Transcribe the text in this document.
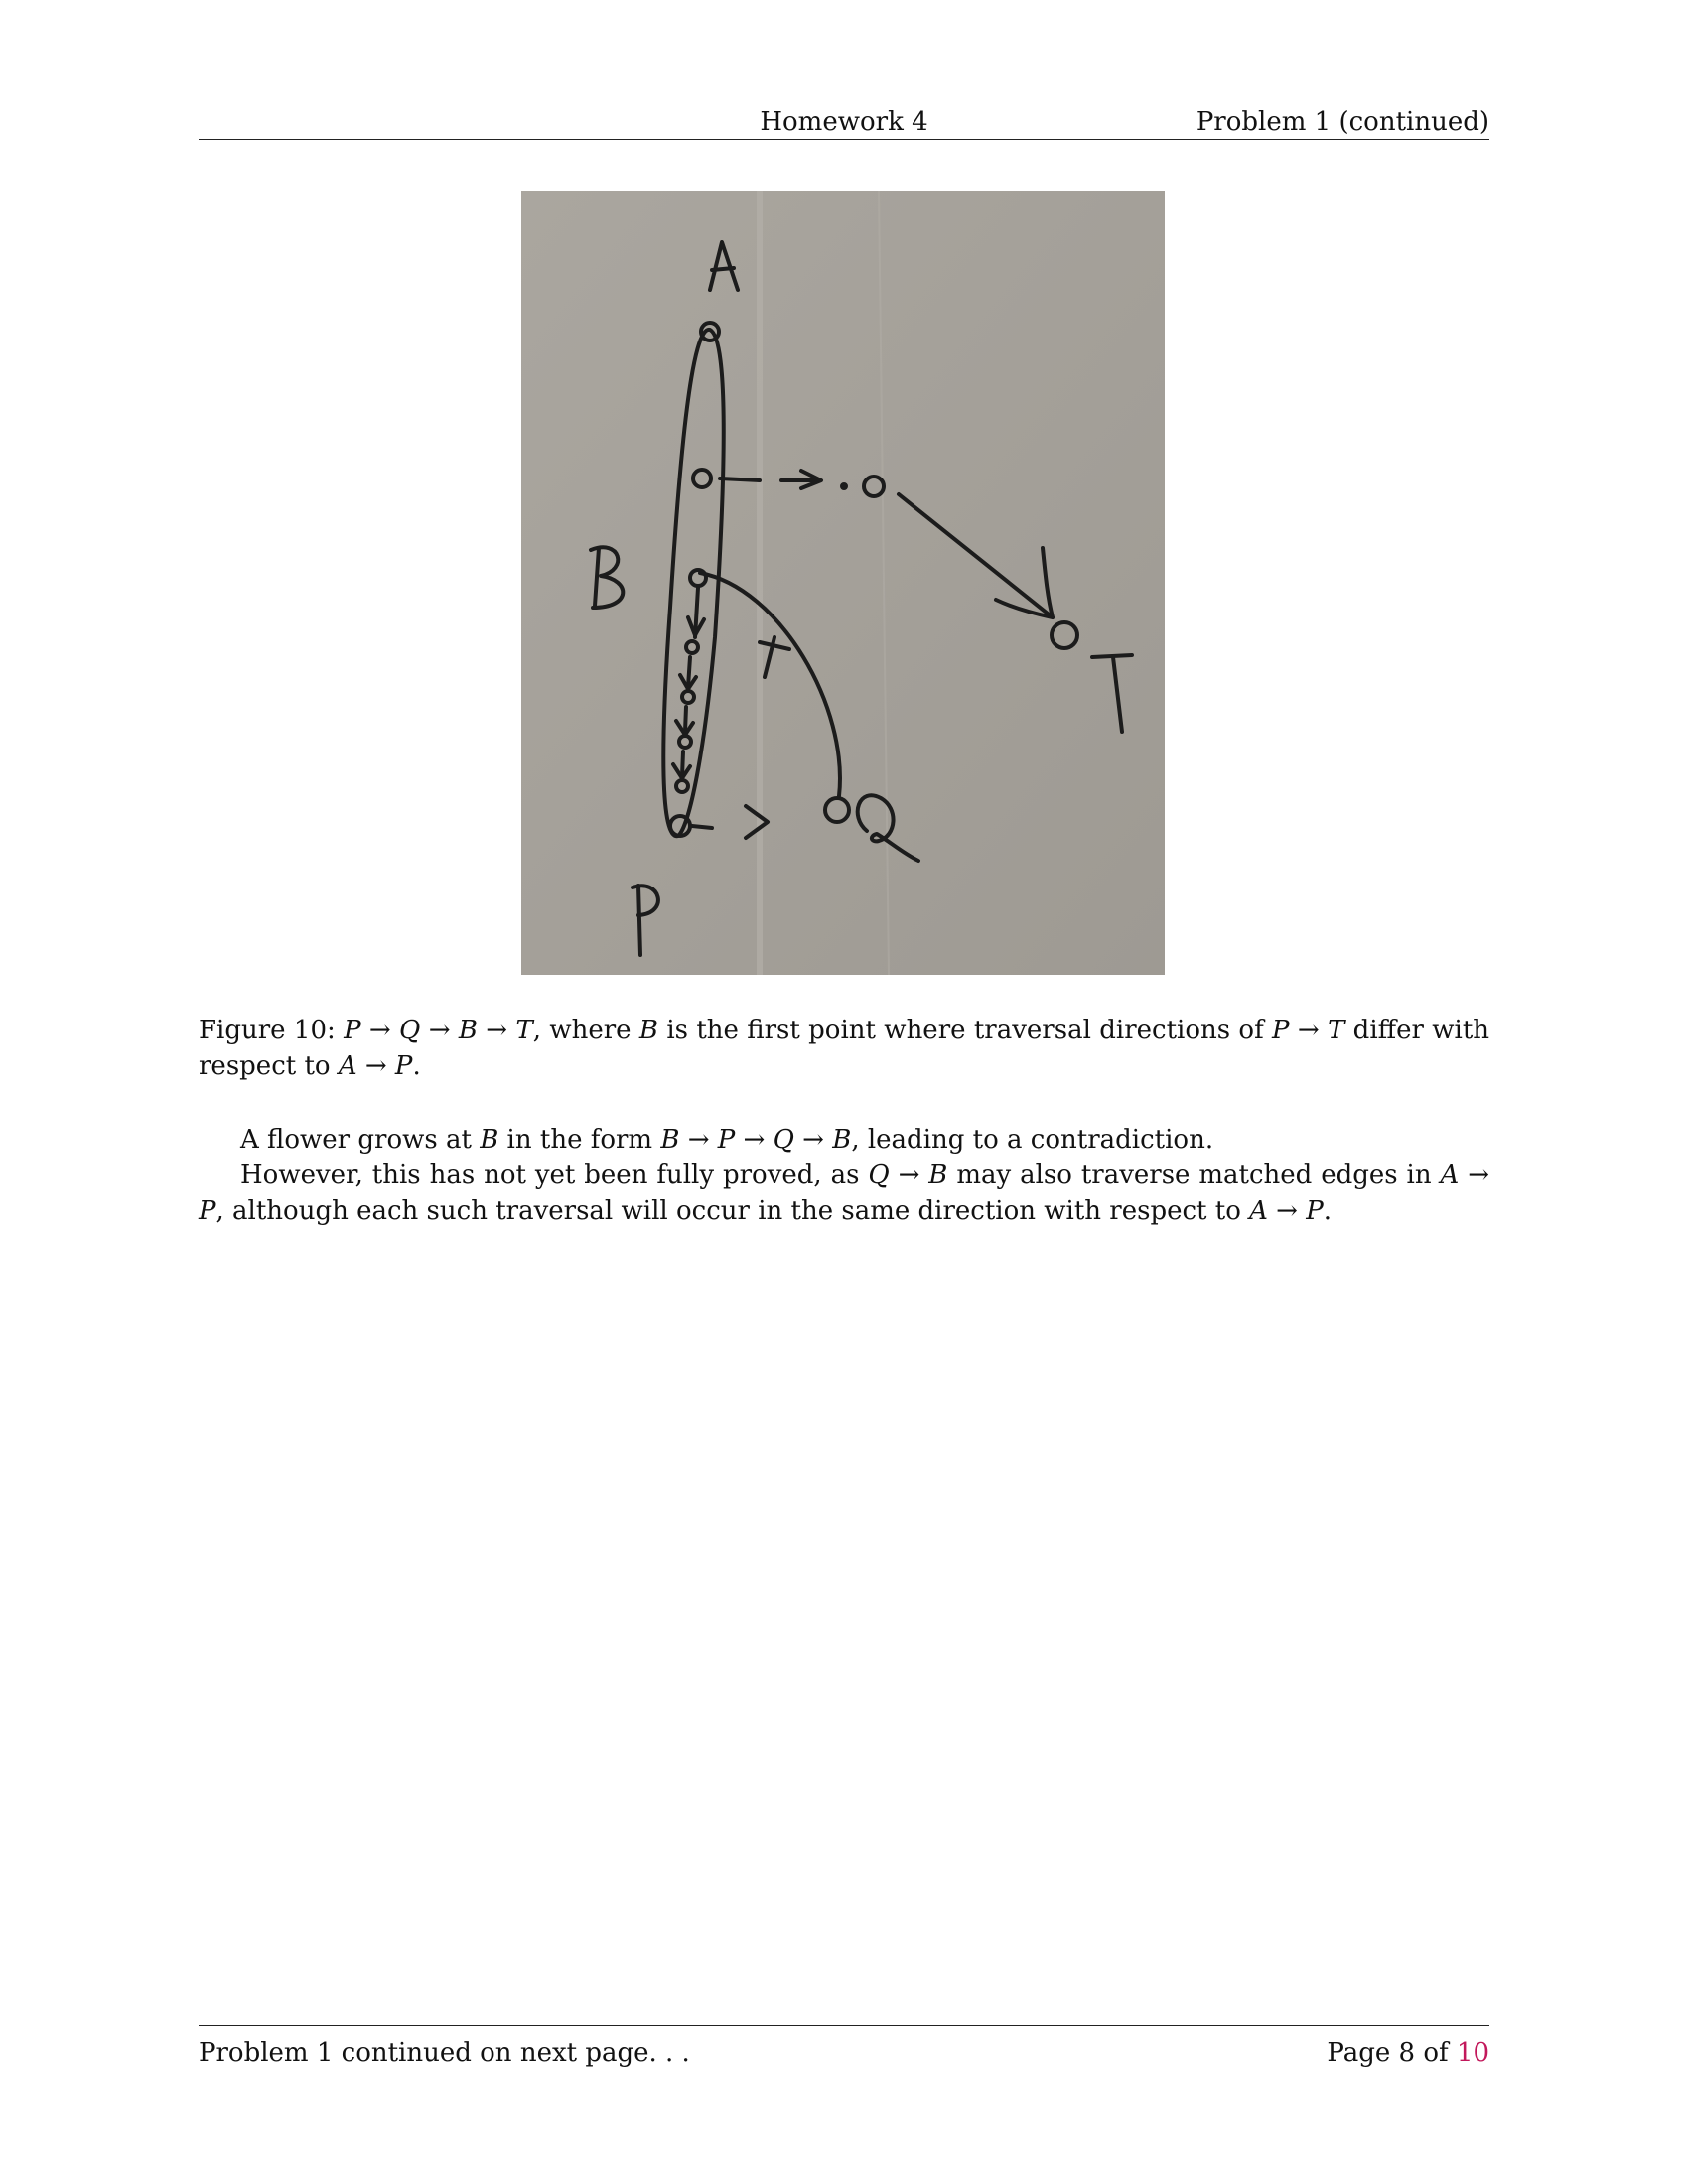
Homework 4	Problem 1 (continued)
Figure 10: P → Q → B → T, where B is the first point where traversal directions of P → T differ with respect to A → P.
A flower grows at B in the form B → P → Q → B, leading to a contradiction.
However, this has not yet been fully proved, as Q → B may also traverse matched edges in A → P, although each such traversal will occur in the same direction with respect to A → P.
Problem 1 continued on next page. . .	Page 8 of 10
